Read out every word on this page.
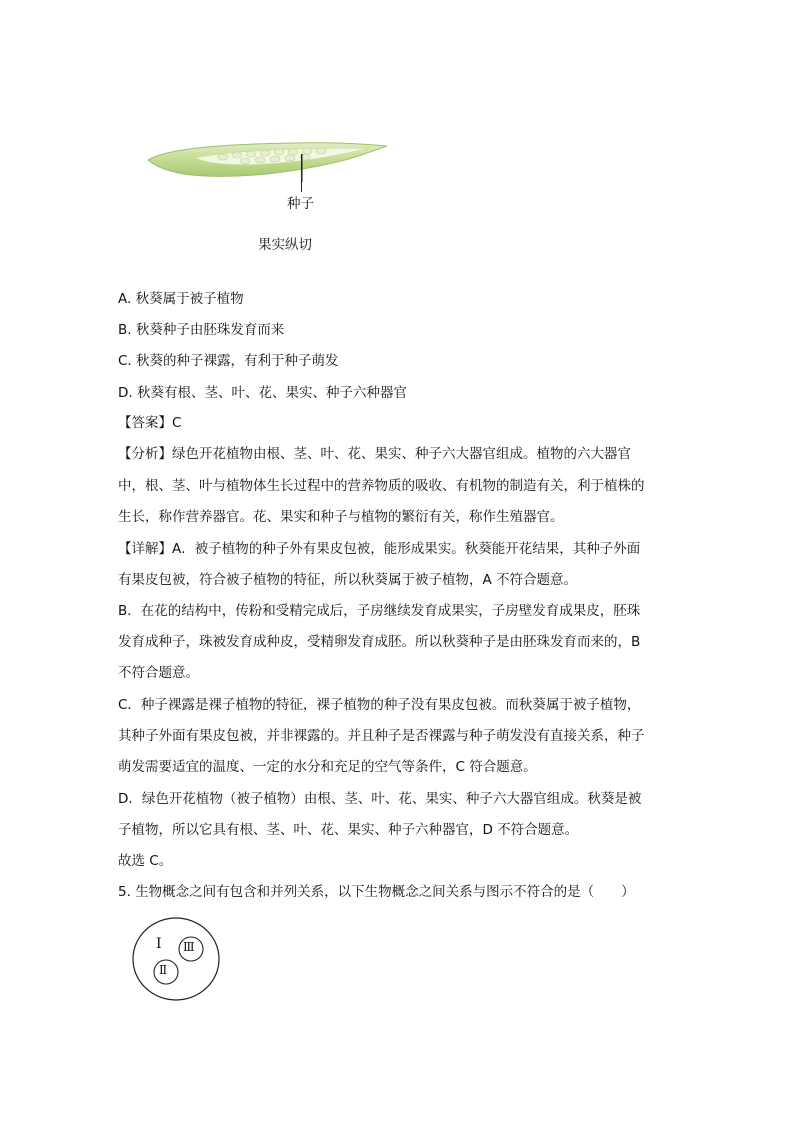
种子
果实纵切
A. 秋葵属于被子植物
B. 秋葵种子由胚珠发育而来
C. 秋葵的种子裸露，有利于种子萌发
D. 秋葵有根、茎、叶、花、果实、种子六种器官
【答案】C
【分析】绿色开花植物由根、茎、叶、花、果实、种子六大器官组成。植物的六大器官
中，根、茎、叶与植物体生长过程中的营养物质的吸收、有机物的制造有关，利于植株的
生长，称作营养器官。花、果实和种子与植物的繁衍有关，称作生殖器官。
【详解】A．被子植物的种子外有果皮包被，能形成果实。秋葵能开花结果，其种子外面
有果皮包被，符合被子植物的特征，所以秋葵属于被子植物，A 不符合题意。
B．在花的结构中，传粉和受精完成后，子房继续发育成果实，子房壁发育成果皮，胚珠
发育成种子，珠被发育成种皮，受精卵发育成胚。所以秋葵种子是由胚珠发育而来的，B
不符合题意。
C．种子裸露是裸子植物的特征，裸子植物的种子没有果皮包被。而秋葵属于被子植物，
其种子外面有果皮包被，并非裸露的。并且种子是否裸露与种子萌发没有直接关系，种子
萌发需要适宜的温度、一定的水分和充足的空气等条件，C 符合题意。
D．绿色开花植物（被子植物）由根、茎、叶、花、果实、种子六大器官组成。秋葵是被
子植物，所以它具有根、茎、叶、花、果实、种子六种器官，D 不符合题意。
故选 C。
5. 生物概念之间有包含和并列关系，以下生物概念之间关系与图示不符合的是（　　）
Ⅰ Ⅲ
Ⅱ
